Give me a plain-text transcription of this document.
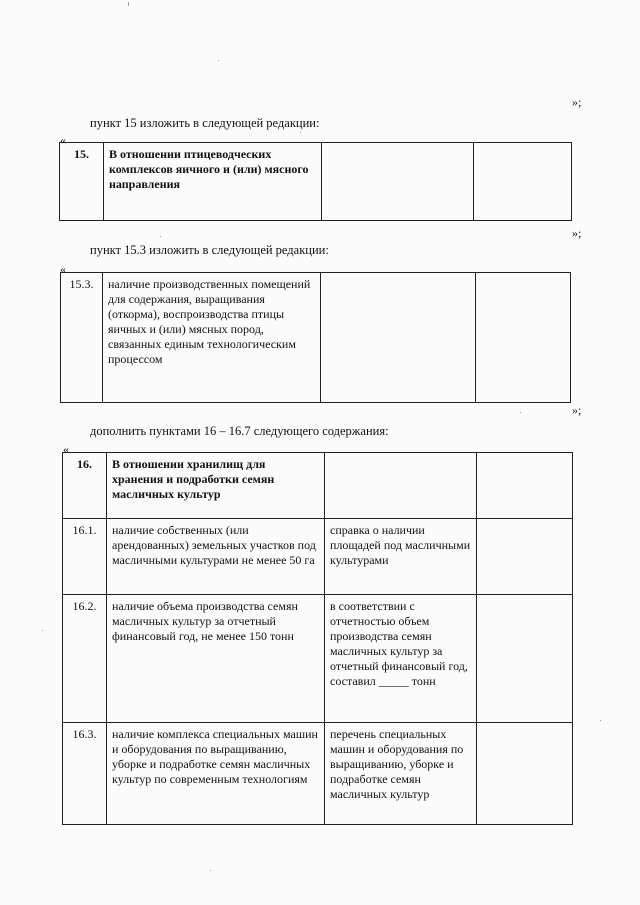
»;
пункт 15 изложить в следующей редакции:
«
15.	В отношении птицеводческих комплексов яичного и (или) мясного направления		
»;
пункт 15.3 изложить в следующей редакции:
«
15.3.	наличие производственных помещений для содержания, выращивания (откорма), воспроизводства птицы яичных и (или) мясных пород, связанных единым технологическим процессом		
»;
дополнить пунктами 16 – 16.7 следующего содержания:
«
16.	В отношении хранилищ для хранения и подработки семян масличных культур		
16.1.	наличие собственных (или арендованных) земельных участков под масличными культурами не менее 50 га	справка о наличии площадей под масличными культурами	
16.2.	наличие объема производства семян масличных культур за отчетный финансовый год, не менее 150 тонн	в соответствии с отчетностью объем производства семян масличных культур за отчетный финансовый год, составил _____ тонн	
16.3.	наличие комплекса специальных машин и оборудования по выращиванию, уборке и подработке семян масличных культур по современным технологиям	перечень специальных машин и оборудования по выращиванию, уборке и подработке семян масличных культур	
